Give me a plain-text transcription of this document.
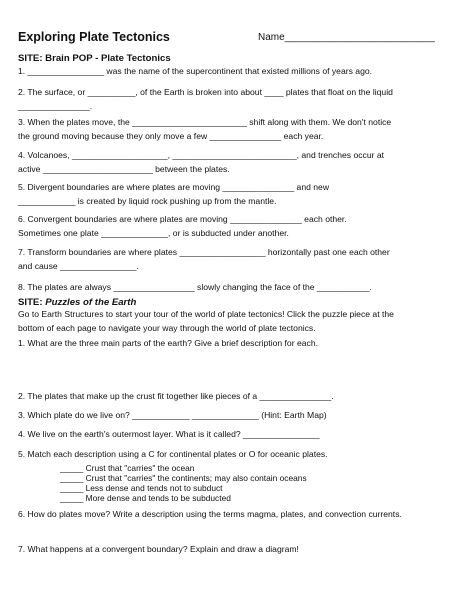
Exploring Plate Tectonics	Name___________________________
SITE: Brain POP - Plate Tectonics

1. ________________ was the name of the supercontinent that existed millions of years ago.

2. The surface, or __________, of the Earth is broken into about ____ plates that float on the liquid

_______________.

3. When the plates move, the ________________________ shift along with them. We don't notice

the ground moving because they only move a few _______________ each year.

4. Volcanoes, ____________________, __________________________, and trenches occur at

active _______________________ between the plates.

5. Divergent boundaries are where plates are moving _______________ and new

____________ is created by liquid rock pushing up from the mantle.

6. Convergent boundaries are where plates are moving _______________ each other.

Sometimes one plate ______________, or is subducted under another.

7. Transform boundaries are where plates __________________ horizontally past one each other

and cause ________________.

8. The plates are always _________________ slowly changing the face of the ___________.

SITE: Puzzles of the Earth

Go to Earth Structures to start your tour of the world of plate tectonics! Click the puzzle piece at the

bottom of each page to navigate your way through the world of plate tectonics.

1. What are the three main parts of the earth? Give a brief description for each.
2. The plates that make up the crust fit together like pieces of a _______________.
3. Which plate do we live on? ____________ ______________ (Hint: Earth Map)
4. We live on the earth's outermost layer. What is it called? ________________
5. Match each description using a C for continental plates or O for oceanic plates.
_____ Crust that "carries" the ocean
_____ Crust that "carries" the continents; may also contain oceans
_____ Less dense and tends not to subduct
_____ More dense and tends to be subducted
6. How do plates move? Write a description using the terms magma, plates, and convection currents.
7. What happens at a convergent boundary? Explain and draw a diagram!
